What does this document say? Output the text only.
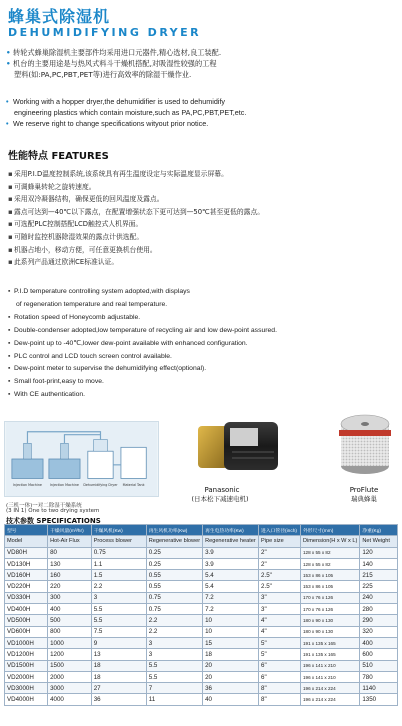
蜂巢式除湿机
DEHUMIDIFYING DRYER
• 转轮式蜂巢除湿机主要部件均采用进口元器件,精心选材,良工装配.
• 机台的主要用途是与热风式料斗干燥机搭配,对吸湿性较强的工程
塑料(如:PA,PC,PBT,PET等)进行高效率的除湿干燥作业.
• Working with a hopper dryer,the dehumidifier is used to dehumidify
engineering plastics which contain moisture,such as PA,PC,PBT,PET,etc.
• We reserve right to change specifications wityout prior notice.
性能特点 FEATURES
▪采用P.I.D温度控制系统,该系统具有再生温度设定与实际温度显示屏幕。
▪可调蜂巢转轮之旋转速度。
▪采用双冷凝器结构，确保更低的回风温度及露点。
▪露点可达到—40℃以下露点，在配置增强状态下更可达到—50℃甚至更低的露点。
▪可选配PLC控制搭配LCD触控式人机界面。
▪可随时监控机器除湿效果的露点计供选配。
▪机器占地小，移动方便，可任意更换机台使用。
▪此系列产品通过欧洲CE标准认证。
▪ P.I.D temperature controlling system adopted,with displays
of regeneration temperature and real temperature.
▪ Rotation speed of Honeycomb adjustable.
▪ Double-condenser adopted,low temperature of recycling air and low dew-point assured.
▪ Dew-point up to -40℃,lower dew-point available with enhanced configuration.
▪ PLC control and LCD touch screen control available.
▪ Dew-point meter to supervise the dehumidifying effect(optional).
▪ Small foot-print,easy to move.
▪ With CE authentication.
Injection Machine Injection Machine Dehumidifying Dryer Material Tank
(三机一体)一对二除湿干燥系统
(3 IN 1) One to two drying system
Panasonic
(日本松下减速电机)
ProFlute
瑞典蜂巢
技术参数 SPECIFICATIONS
型号	干燥风量(m³/hr)	干燥风机(Kw)	再生风机功率(Kw)	再生电热功率(Kw)	进入口管径(inch)	外形尺寸(mm)	净重(Kg)
Model	Hot-Air Flux	Process blower	Regenerative blower	Regenerative heater	Pipe size	Dimension(H x W x L)	Net Weight
VD80H	80	0.75	0.25	3.9	2"	128 x 55 x 82	120
VD130H	130	1.1	0.25	3.9	2"	128 x 55 x 82	140
VD160H	160	1.5	0.55	5.4	2.5"	153 x 86 x 105	215
VD220H	220	2.2	0.55	5.4	2.5"	153 x 86 x 105	225
VD330H	300	3	0.75	7.2	3"	170 x 76 x 126	240
VD400H	400	5.5	0.75	7.2	3"	170 x 76 x 126	280
VD500H	500	5.5	2.2	10	4"	180 x 90 x 130	290
VD600H	800	7.5	2.2	10	4"	180 x 90 x 130	320
VD1000H	1000	9	3	15	5"	191 x 135 x 165	400
VD1200H	1200	13	3	18	5"	191 x 135 x 165	600
VD1500H	1500	18	5.5	20	6"	196 x 141 x 210	510
VD2000H	2000	18	5.5	20	6"	196 x 141 x 210	780
VD3000H	3000	27	7	36	8"	196 x 214 x 224	1140
VD4000H	4000	36	11	40	8"	196 x 214 x 224	1350
